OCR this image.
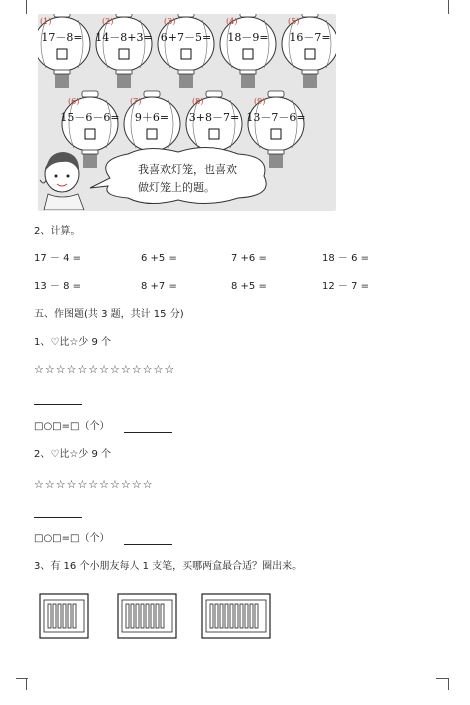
17－8=
(1)
14－8+3=
(2)
6+7－5=
(3)
18－9=
(4)
16－7=
(5)
15－6－6=
(6)
9＋6=
(7)
3+8－7=
(8)
13－7－6=
(9)
我喜欢灯笼，也喜欢
做灯笼上的题。
2、计算。
17 － 4 =	6 +5 =	7 +6 =	18 － 6 =
13 － 8 =	8 +7 =	8 +5 =	12 － 7 =
五、作图题(共 3 题，共计 15 分)
1、♡比☆少 9 个
☆☆☆☆☆☆☆☆☆☆☆☆☆
□○□=□（个）
2、♡比☆少 9 个
☆☆☆☆☆☆☆☆☆☆☆
□○□=□（个）
3、有 16 个小朋友每人 1 支笔，买哪两盒最合适？圈出来。
